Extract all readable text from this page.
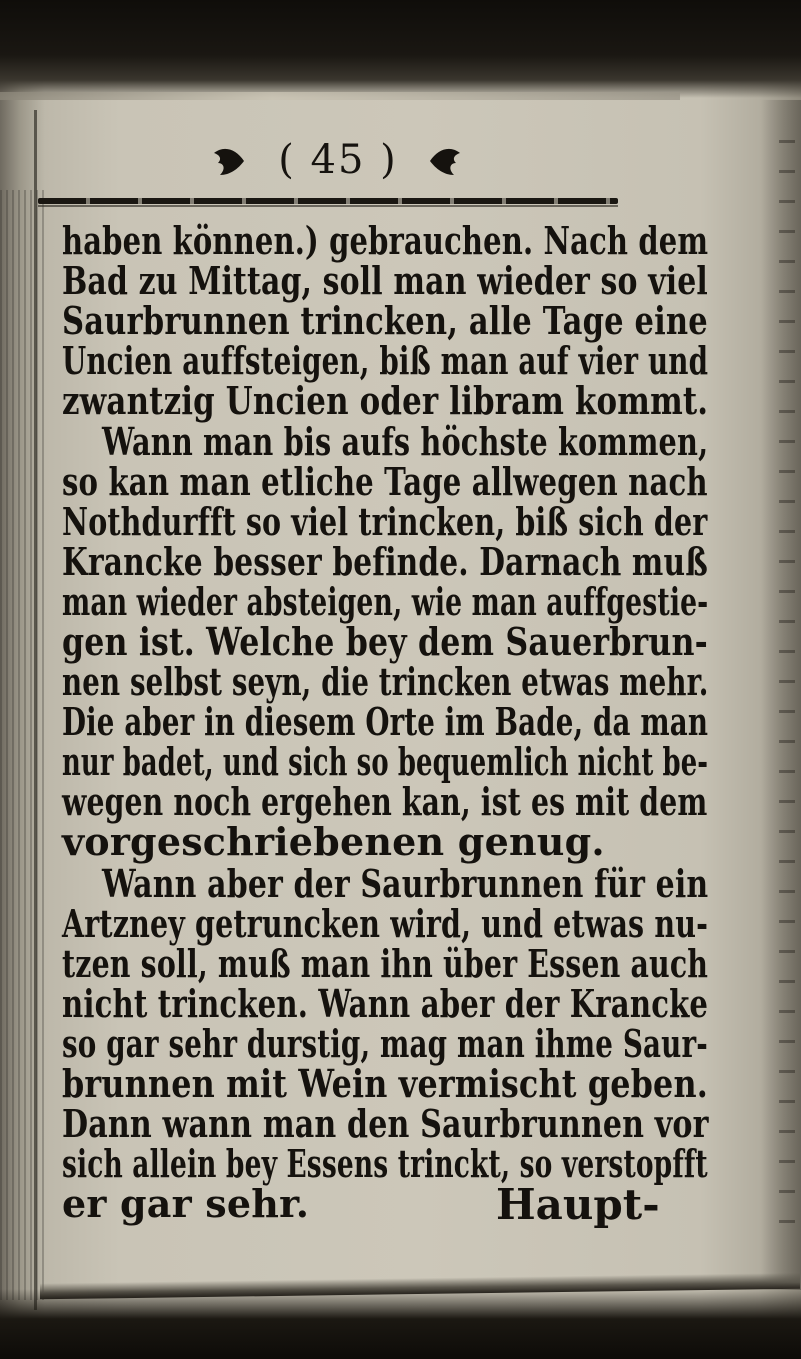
( 45 )
haben können.) gebrauchen. Nach dem
Bad zu Mittag, soll man wieder so viel
Saurbrunnen trincken, alle Tage eine
Uncien auffsteigen, biß man auf vier und
zwantzig Uncien oder libram kommt.
Wann man bis aufs höchste kommen,
so kan man etliche Tage allwegen nach
Nothdurfft so viel trincken, biß sich der
Krancke besser befinde. Darnach muß
man wieder absteigen, wie man auffgestie-
gen ist. Welche bey dem Sauerbrun-
nen selbst seyn, die trincken etwas mehr.
Die aber in diesem Orte im Bade, da man
nur badet, und sich so bequemlich nicht be-
wegen noch ergehen kan, ist es mit dem
vorgeschriebenen genug.
Wann aber der Saurbrunnen für ein
Artzney getruncken wird, und etwas nu-
tzen soll, muß man ihn über Essen auch
nicht trincken. Wann aber der Krancke
so gar sehr durstig, mag man ihme Saur-
brunnen mit Wein vermischt geben.
Dann wann man den Saurbrunnen vor
sich allein bey Essens trinckt, so verstopfft
er gar sehr.	Haupt-
